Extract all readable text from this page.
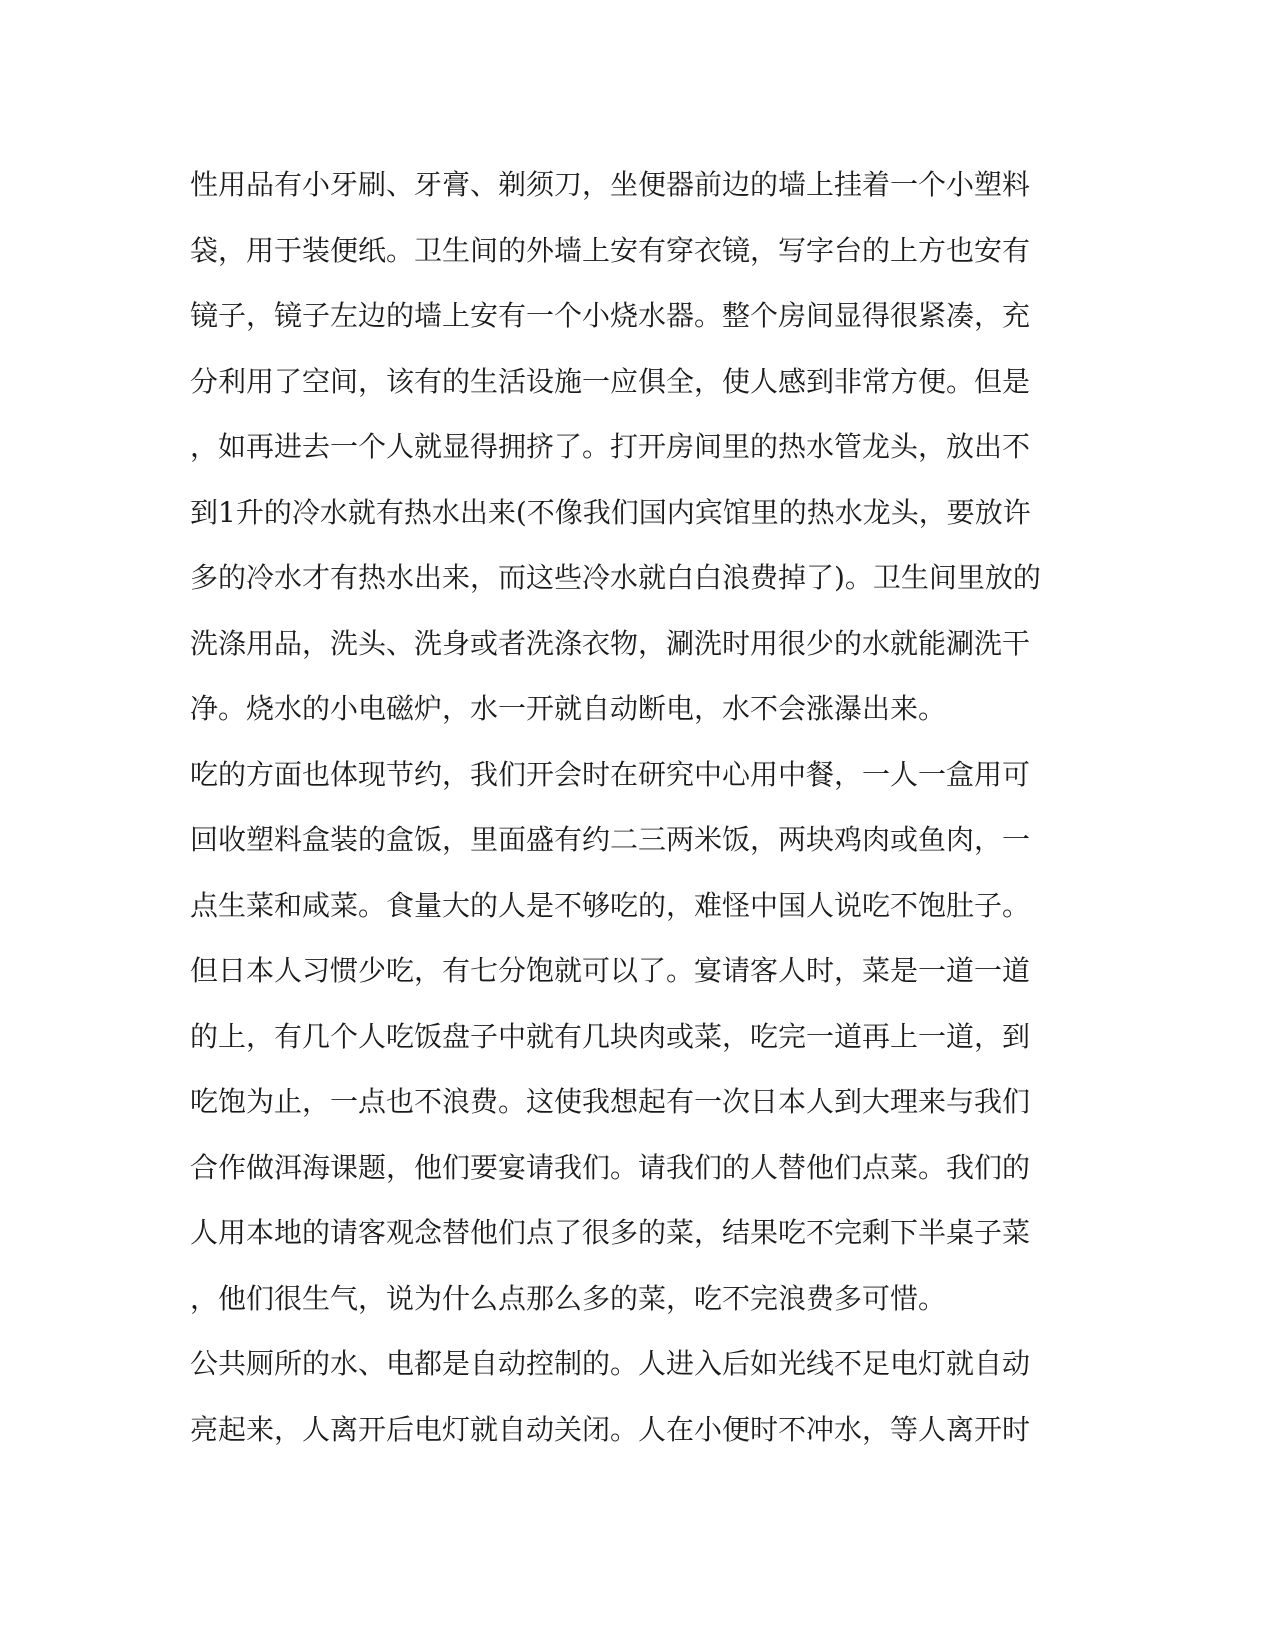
性用品有小牙刷、牙膏、剃须刀，坐便器前边的墙上挂着一个小塑料
袋，用于装便纸。卫生间的外墙上安有穿衣镜，写字台的上方也安有
镜子，镜子左边的墙上安有一个小烧水器。整个房间显得很紧凑，充
分利用了空间，该有的生活设施一应俱全，使人感到非常方便。但是
，如再进去一个人就显得拥挤了。打开房间里的热水管龙头，放出不
到1升的冷水就有热水出来(不像我们国内宾馆里的热水龙头，要放许
多的冷水才有热水出来，而这些冷水就白白浪费掉了)。卫生间里放的
洗涤用品，洗头、洗身或者洗涤衣物，涮洗时用很少的水就能涮洗干
净。烧水的小电磁炉，水一开就自动断电，水不会涨瀑出来。
吃的方面也体现节约，我们开会时在研究中心用中餐，一人一盒用可
回收塑料盒装的盒饭，里面盛有约二三两米饭，两块鸡肉或鱼肉，一
点生菜和咸菜。食量大的人是不够吃的，难怪中国人说吃不饱肚子。
但日本人习惯少吃，有七分饱就可以了。宴请客人时，菜是一道一道
的上，有几个人吃饭盘子中就有几块肉或菜，吃完一道再上一道，到
吃饱为止，一点也不浪费。这使我想起有一次日本人到大理来与我们
合作做洱海课题，他们要宴请我们。请我们的人替他们点菜。我们的
人用本地的请客观念替他们点了很多的菜，结果吃不完剩下半桌子菜
，他们很生气，说为什么点那么多的菜，吃不完浪费多可惜。
公共厕所的水、电都是自动控制的。人进入后如光线不足电灯就自动
亮起来，人离开后电灯就自动关闭。人在小便时不冲水，等人离开时
